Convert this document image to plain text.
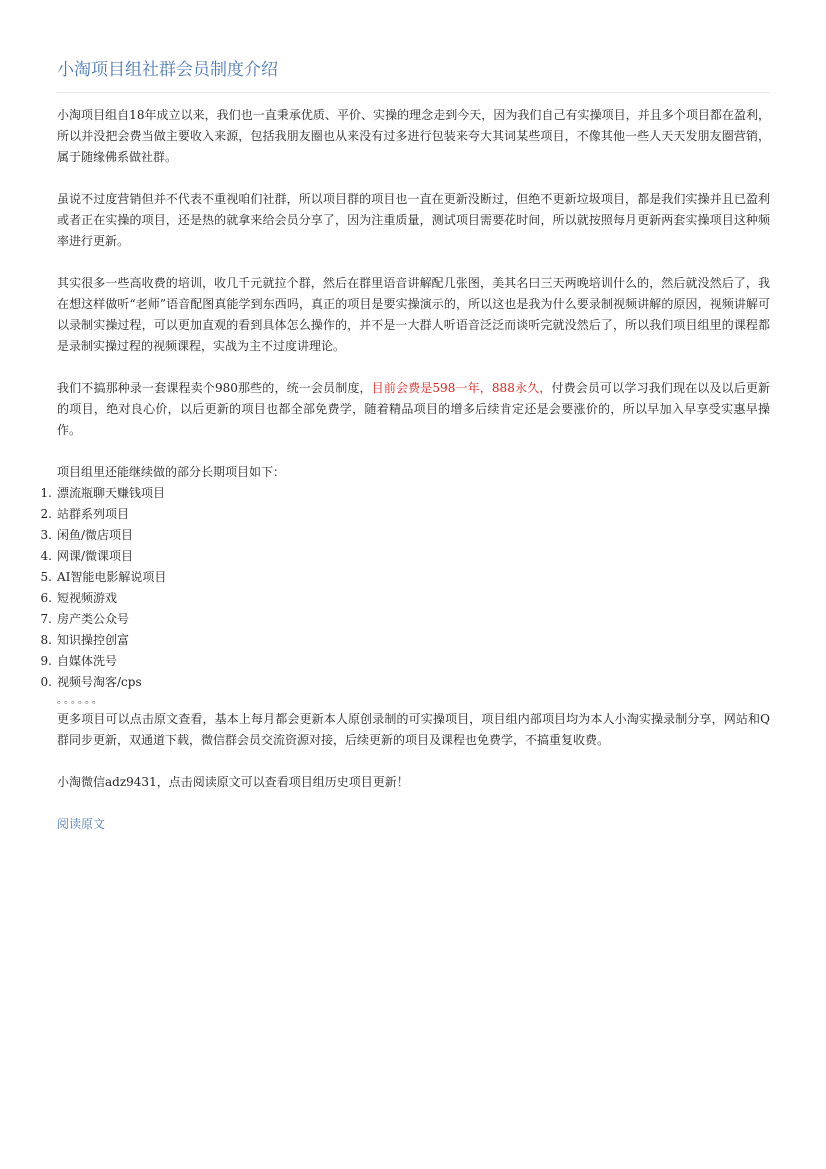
小淘项目组社群会员制度介绍

小淘项目组自18年成立以来，我们也一直秉承优质、平价、实操的理念走到今天，因为我们自己有实操项目，并且多个项目都在盈利，所以并没把会费当做主要收入来源，包括我朋友圈也从来没有过多进行包装来夸大其词某些项目，不像其他一些人天天发朋友圈营销，属于随缘佛系做社群。

虽说不过度营销但并不代表不重视咱们社群，所以项目群的项目也一直在更新没断过，但绝不更新垃圾项目，都是我们实操并且已盈利或者正在实操的项目，还是热的就拿来给会员分享了，因为注重质量，测试项目需要花时间，所以就按照每月更新两套实操项目这种频率进行更新。

其实很多一些高收费的培训，收几千元就拉个群，然后在群里语音讲解配几张图，美其名曰三天两晚培训什么的，然后就没然后了，我在想这样做听“老师”语音配图真能学到东西吗，真正的项目是要实操演示的，所以这也是我为什么要录制视频讲解的原因，视频讲解可以录制实操过程，可以更加直观的看到具体怎么操作的，并不是一大群人听语音泛泛而谈听完就没然后了，所以我们项目组里的课程都是录制实操过程的视频课程，实战为主不过度讲理论。

我们不搞那种录一套课程卖个980那些的，统一会员制度，目前会费是598一年，888永久，付费会员可以学习我们现在以及以后更新的项目，绝对良心价，以后更新的项目也都全部免费学，随着精品项目的增多后续肯定还是会要涨价的，所以早加入早享受实惠早操作。

项目组里还能继续做的部分长期项目如下：

1. 漂流瓶聊天赚钱项目
2. 站群系列项目
3. 闲鱼/微店项目
4. 网课/微课项目
5. AI智能电影解说项目
6. 短视频游戏
7. 房产类公众号
8. 知识操控创富
9. 自媒体洗号
0. 视频号淘客/cps

。。。。。。

更多项目可以点击原文查看，基本上每月都会更新本人原创录制的可实操项目，项目组内部项目均为本人小淘实操录制分享，网站和Q群同步更新，双通道下载，微信群会员交流资源对接，后续更新的项目及课程也免费学，不搞重复收费。

小淘微信adz9431，点击阅读原文可以查看项目组历史项目更新！

阅读原文
